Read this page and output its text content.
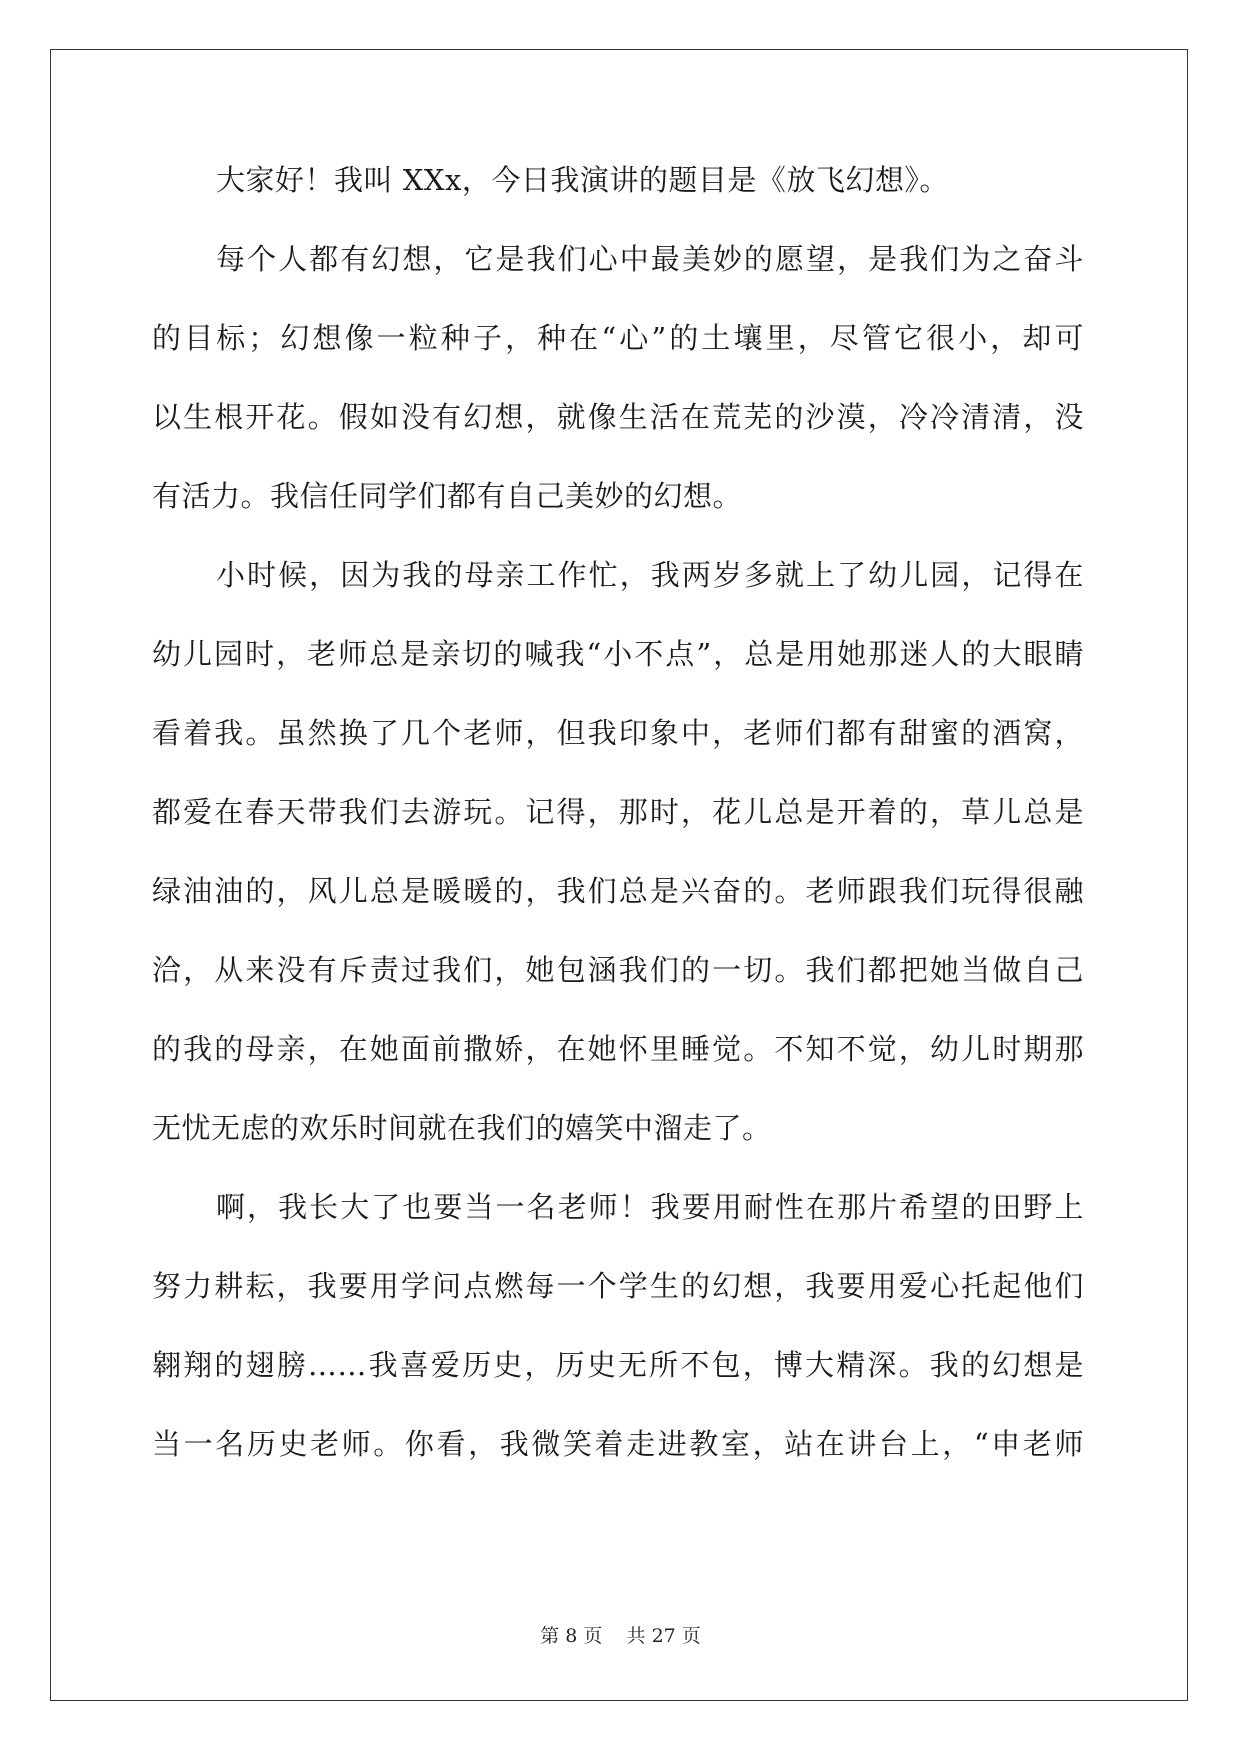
大家好！我叫 XXx，今日我演讲的题目是《放飞幻想》。
每个人都有幻想，它是我们心中最美妙的愿望，是我们为之奋斗
的目标；幻想像一粒种子，种在“心”的土壤里，尽管它很小，却可
以生根开花。假如没有幻想，就像生活在荒芜的沙漠，冷冷清清，没
有活力。我信任同学们都有自己美妙的幻想。
小时候，因为我的母亲工作忙，我两岁多就上了幼儿园，记得在
幼儿园时，老师总是亲切的喊我“小不点”，总是用她那迷人的大眼睛
看着我。虽然换了几个老师，但我印象中，老师们都有甜蜜的酒窝，
都爱在春天带我们去游玩。记得，那时，花儿总是开着的，草儿总是
绿油油的，风儿总是暖暖的，我们总是兴奋的。老师跟我们玩得很融
洽，从来没有斥责过我们，她包涵我们的一切。我们都把她当做自己
的我的母亲，在她面前撒娇，在她怀里睡觉。不知不觉，幼儿时期那
无忧无虑的欢乐时间就在我们的嬉笑中溜走了。
啊，我长大了也要当一名老师！我要用耐性在那片希望的田野上
努力耕耘，我要用学问点燃每一个学生的幻想，我要用爱心托起他们
翱翔的翅膀……我喜爱历史，历史无所不包，博大精深。我的幻想是
当一名历史老师。你看，我微笑着走进教室，站在讲台上，“申老师
第 8 页 共 27 页
